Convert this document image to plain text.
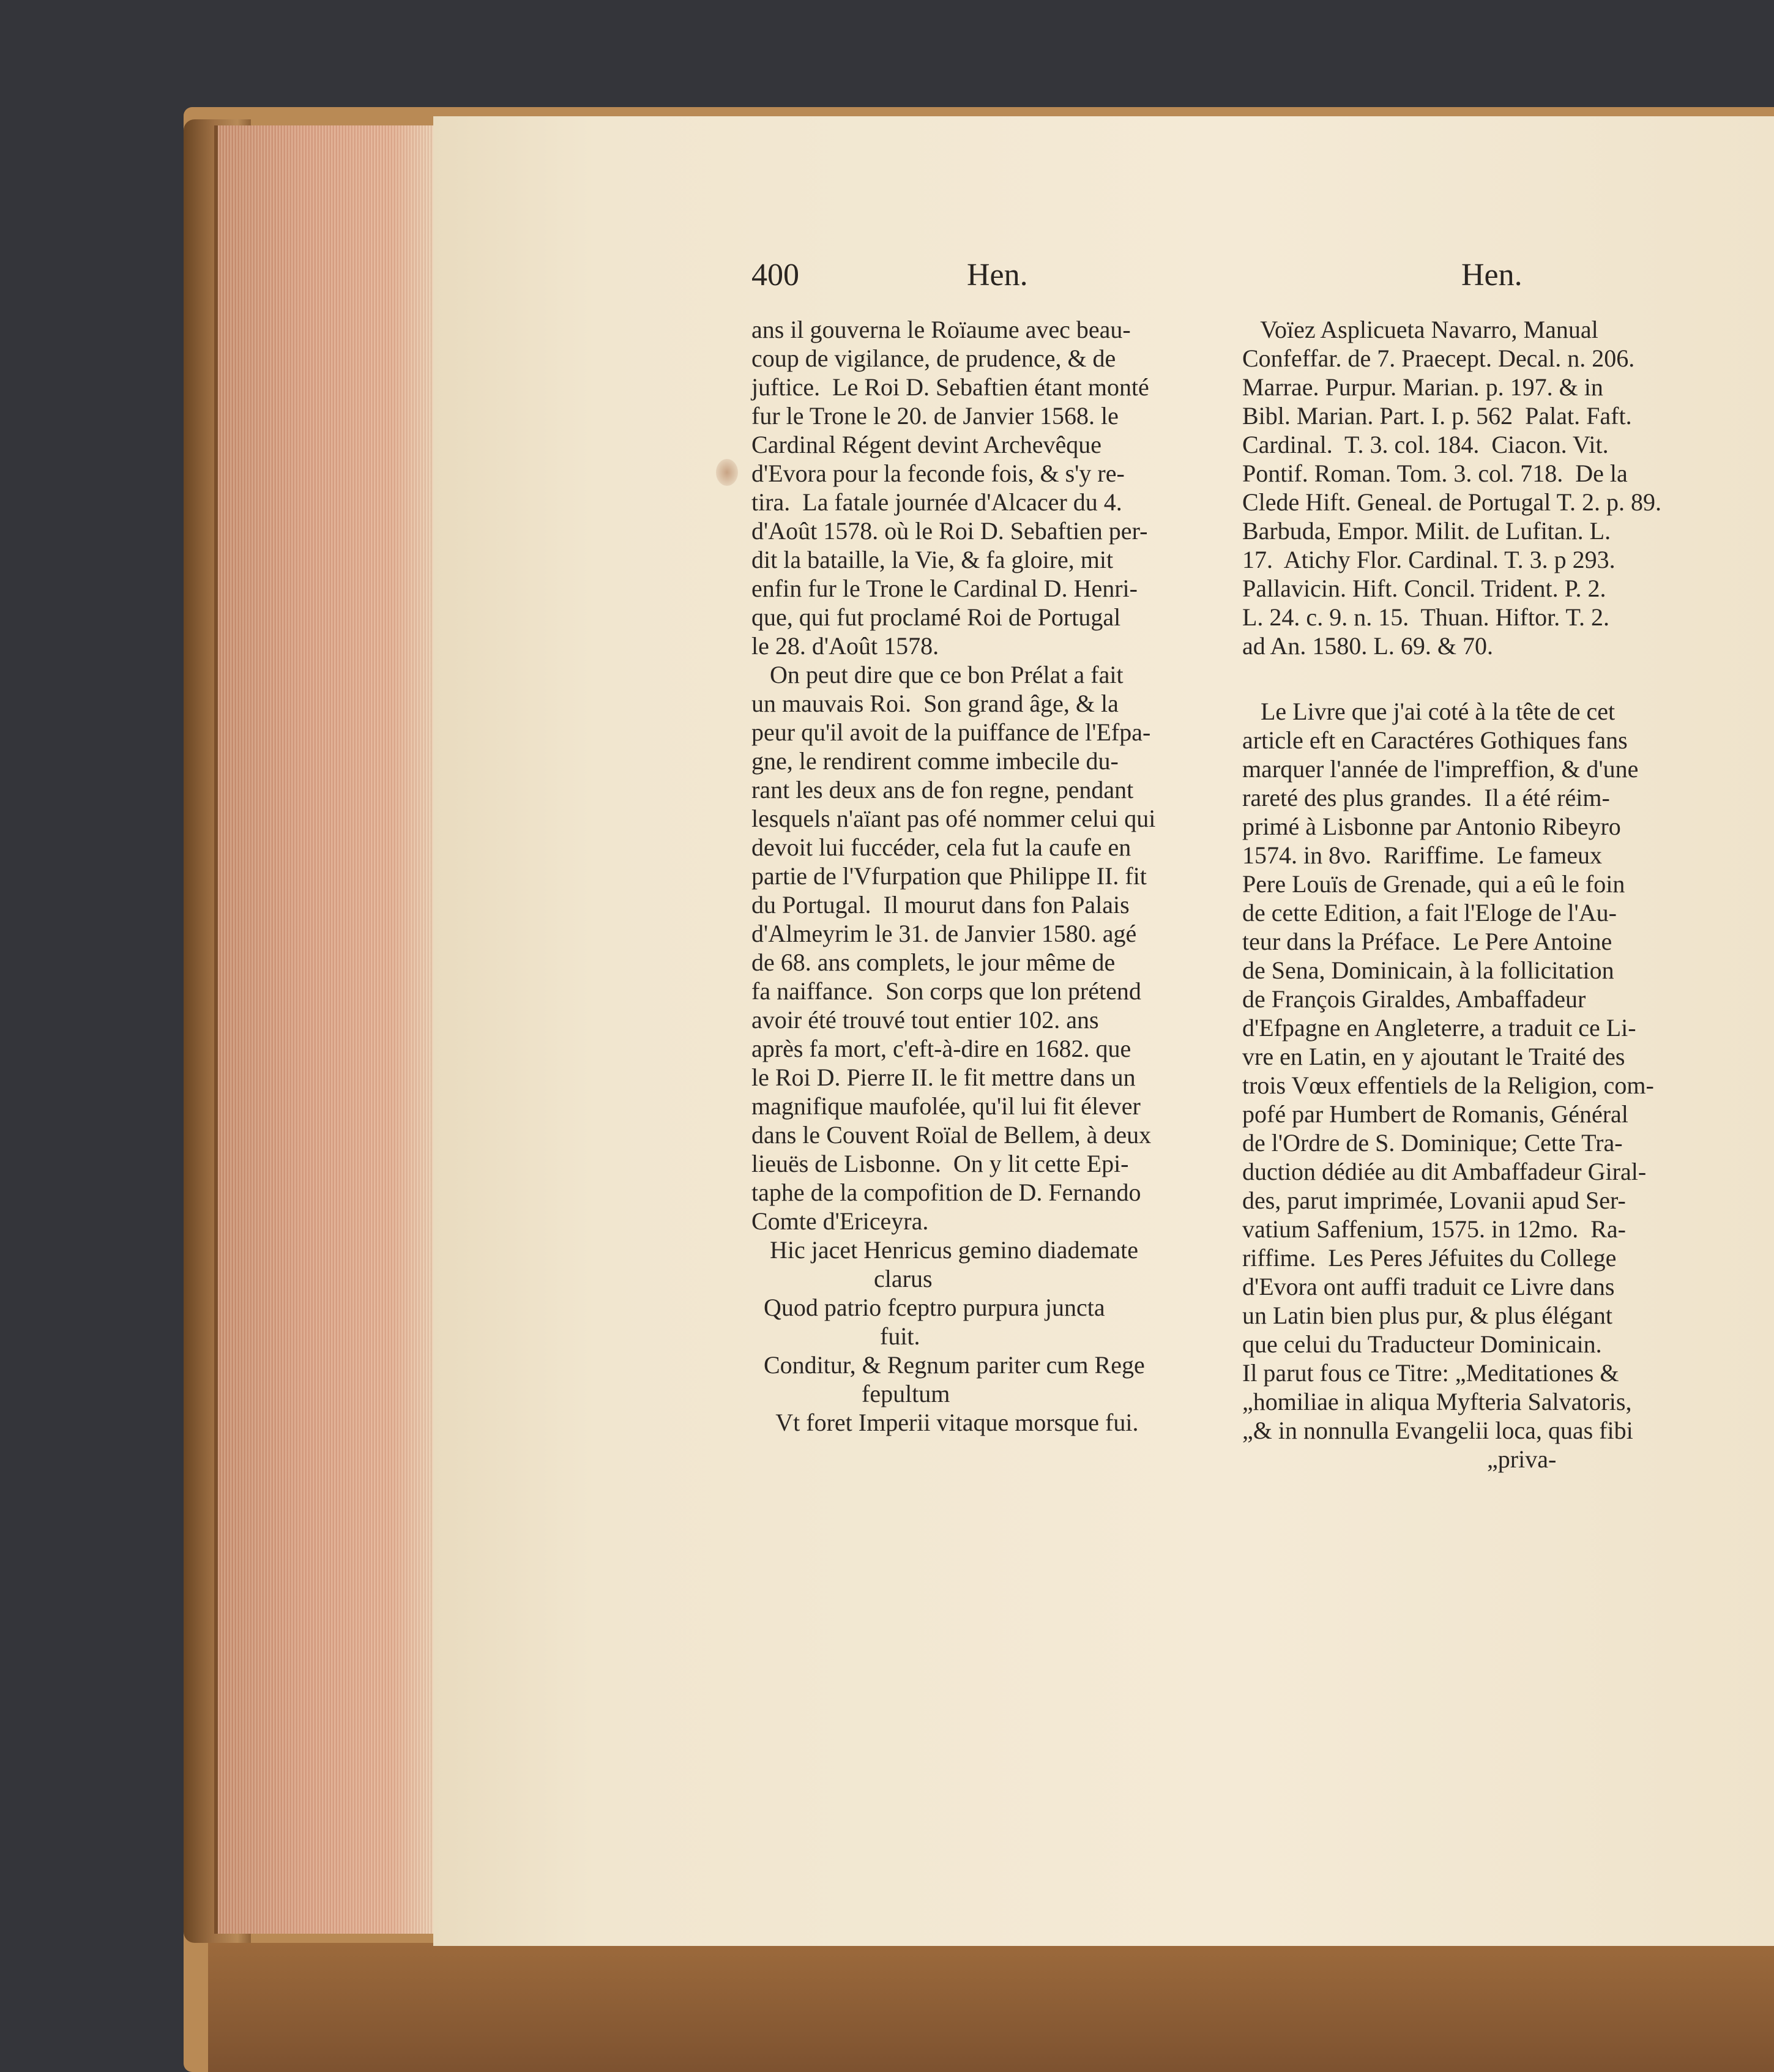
400	Hen.	Hen.

ans il gouverna le Roïaume avec beau-

coup de vigilance, de prudence, & de

juftice.  Le Roi D. Sebaftien étant monté

fur le Trone le 20. de Janvier 1568. le

Cardinal Régent devint Archevêque

d'Evora pour la feconde fois, & s'y re-

tira.  La fatale journée d'Alcacer du 4.

d'Août 1578. où le Roi D. Sebaftien per-

dit la bataille, la Vie, & fa gloire, mit

enfin fur le Trone le Cardinal D. Henri-

que, qui fut proclamé Roi de Portugal

le 28. d'Août 1578.

On peut dire que ce bon Prélat a fait

un mauvais Roi.  Son grand âge, & la

peur qu'il avoit de la puiffance de l'Efpa-

gne, le rendirent comme imbecile du-

rant les deux ans de fon regne, pendant

lesquels n'aïant pas ofé nommer celui qui

devoit lui fuccéder, cela fut la caufe en

partie de l'Vfurpation que Philippe II. fit

du Portugal.  Il mourut dans fon Palais

d'Almeyrim le 31. de Janvier 1580. agé

de 68. ans complets, le jour même de

fa naiffance.  Son corps que lon prétend

avoir été trouvé tout entier 102. ans

après fa mort, c'eft-à-dire en 1682. que

le Roi D. Pierre II. le fit mettre dans un

magnifique maufolée, qu'il lui fit élever

dans le Couvent Roïal de Bellem, à deux

lieuës de Lisbonne.  On y lit cette Epi-

taphe de la compofition de D. Fernando

Comte d'Ericeyra.

Hic jacet Henricus gemino diademate

clarus

Quod patrio fceptro purpura juncta

fuit.

Conditur, & Regnum pariter cum Rege

fepultum

Vt foret Imperii vitaque morsque fui.

Voïez Asplicueta Navarro, Manual

Confeffar. de 7. Praecept. Decal. n. 206.

Marrae. Purpur. Marian. p. 197. & in

Bibl. Marian. Part. I. p. 562  Palat. Faft.

Cardinal.  T. 3. col. 184.  Ciacon. Vit.

Pontif. Roman. Tom. 3. col. 718.  De la

Clede Hift. Geneal. de Portugal T. 2. p. 89.

Barbuda, Empor. Milit. de Lufitan. L.

17.  Atichy Flor. Cardinal. T. 3. p 293.

Pallavicin. Hift. Concil. Trident. P. 2.

L. 24. c. 9. n. 15.  Thuan. Hiftor. T. 2.

ad An. 1580. L. 69. & 70.

Le Livre que j'ai coté à la tête de cet

article eft en Caractéres Gothiques fans

marquer l'année de l'impreffion, & d'une

rareté des plus grandes.  Il a été réim-

primé à Lisbonne par Antonio Ribeyro

1574. in 8vo.  Rariffime.  Le fameux

Pere Louïs de Grenade, qui a eû le foin

de cette Edition, a fait l'Eloge de l'Au-

teur dans la Préface.  Le Pere Antoine

de Sena, Dominicain, à la follicitation

de François Giraldes, Ambaffadeur

d'Efpagne en Angleterre, a traduit ce Li-

vre en Latin, en y ajoutant le Traité des

trois Vœux effentiels de la Religion, com-

pofé par Humbert de Romanis, Général

de l'Ordre de S. Dominique; Cette Tra-

duction dédiée au dit Ambaffadeur Giral-

des, parut imprimée, Lovanii apud Ser-

vatium Saffenium, 1575. in 12mo.  Ra-

riffime.  Les Peres Jéfuites du College

d'Evora ont auffi traduit ce Livre dans

un Latin bien plus pur, & plus élégant

que celui du Traducteur Dominicain.

Il parut fous ce Titre: „Meditationes &

„homiliae in aliqua Myfteria Salvatoris,

„& in nonnulla Evangelii loca, quas fibi

„priva-
